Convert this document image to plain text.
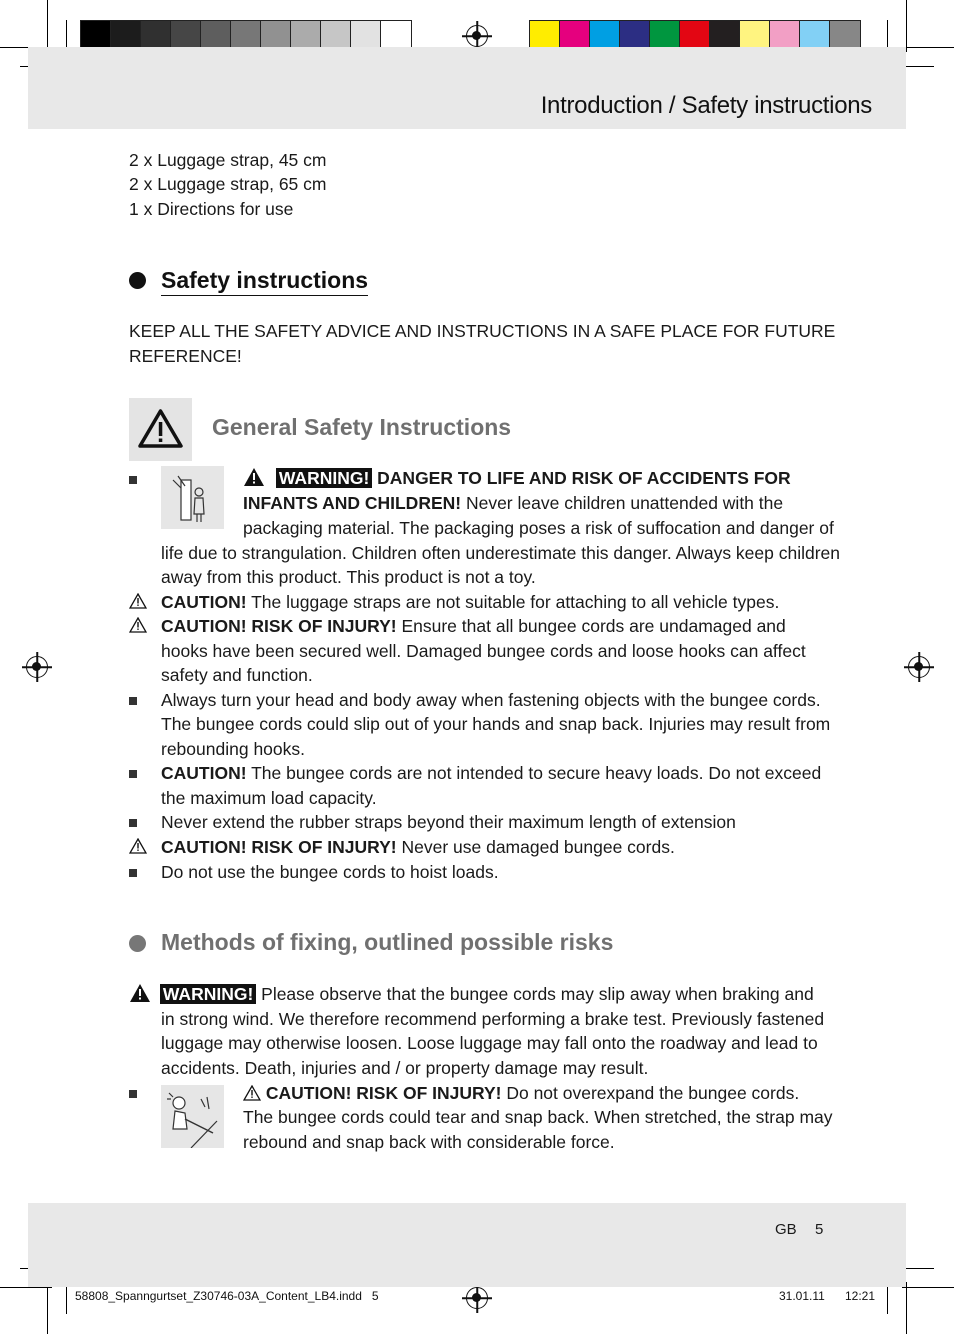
Introduction / Safety instructions
2 x Luggage strap, 45 cm
2 x Luggage strap, 65 cm
1 x Directions for use
Safety instructions
KEEP ALL THE SAFETY ADVICE AND INSTRUCTIONS IN A SAFE PLACE FOR FUTURE
REFERENCE!
General Safety Instructions
WARNING! DANGER TO LIFE AND RISK OF ACCIDENTS FOR
INFANTS AND CHILDREN! Never leave children unattended with the
packaging material. The packaging poses a risk of suffocation and danger of
life due to strangulation. Children often underestimate this danger. Always keep children
away from this product. This product is not a toy.
CAUTION! The luggage straps are not suitable for attaching to all vehicle types.
CAUTION! RISK OF INJURY! Ensure that all bungee cords are undamaged and
hooks have been secured well. Damaged bungee cords and loose hooks can affect
safety and function.
Always turn your head and body away when fastening objects with the bungee cords.
The bungee cords could slip out of your hands and snap back. Injuries may result from
rebounding hooks.
CAUTION! The bungee cords are not intended to secure heavy loads. Do not exceed
the maximum load capacity.
Never extend the rubber straps beyond their maximum length of extension
CAUTION! RISK OF INJURY! Never use damaged bungee cords.
Do not use the bungee cords to hoist loads.
Methods of fixing, outlined possible risks
WARNING! Please observe that the bungee cords may slip away when braking and
in strong wind. We therefore recommend performing a brake test. Previously fastened
luggage may otherwise loosen. Loose luggage may fall onto the roadway and lead to
accidents. Death, injuries and / or property damage may result.
CAUTION! RISK OF INJURY! Do not overexpand the bungee cords.
The bungee cords could tear and snap back. When stretched, the strap may
rebound and snap back with considerable force.
GB 5
58808_Spanngurtset_Z30746-03A_Content_LB4.indd   5	31.01.11 12:21
